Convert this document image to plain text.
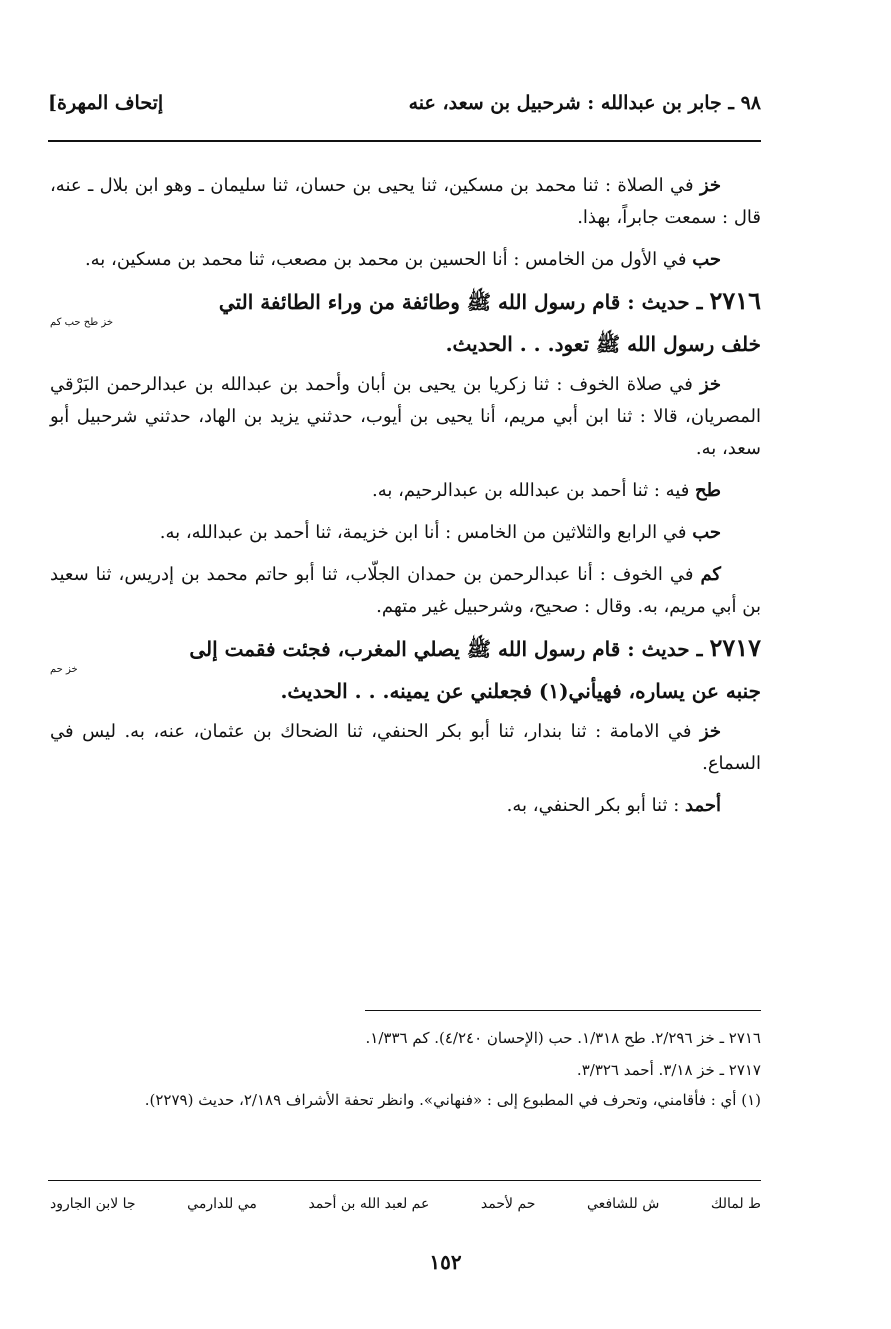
[إتحاف المهرة	٩٨ ـ جابر بن عبدالله : شرحبيل بن سعد، عنه

خز في الصلاة : ثنا محمد بن مسكين، ثنا يحيى بن حسان، ثنا سليمان ـ وهو ابن بلال ـ عنه، قال : سمعت جابراً، بهذا.

حب في الأول من الخامس : أنا الحسين بن محمد بن مصعب، ثنا محمد بن مسكين، به.

٢٧١٦ ـ حديث : قام رسول الله ﷺ وطائفة من وراء الطائفة التي
خز طح حب كم
خلف رسول الله ﷺ تعود. . . الحديث.

خز في صلاة الخوف : ثنا زكريا بن يحيى بن أبان وأحمد بن عبدالله بن عبدالرحمن البَرْقي المصريان، قالا : ثنا ابن أبي مريم، أنا يحيى بن أيوب، حدثني يزيد بن الهاد، حدثني شرحبيل أبو سعد، به.

طح فيه : ثنا أحمد بن عبدالله بن عبدالرحيم، به.

حب في الرابع والثلاثين من الخامس : أنا ابن خزيمة، ثنا أحمد بن عبدالله، به.

كم في الخوف : أنا عبدالرحمن بن حمدان الجلّاب، ثنا أبو حاتم محمد بن إدريس، ثنا سعيد بن أبي مريم، به. وقال : صحيح، وشرحبيل غير متهم.

٢٧١٧ ـ حديث : قام رسول الله ﷺ يصلي المغرب، فجئت فقمت إلى
خز حم
جنبه عن يساره، فهيأني(١) فجعلني عن يمينه. . . الحديث.

خز في الامامة : ثنا بندار، ثنا أبو بكر الحنفي، ثنا الضحاك بن عثمان، عنه، به. ليس في السماع.

أحمد : ثنا أبو بكر الحنفي، به.

٢٧١٦ ـ خز ٢/٢٩٦. طح ١/٣١٨. حب (الإحسان ٤/٢٤٠). كم ١/٣٣٦.

٢٧١٧ ـ خز ٣/١٨. أحمد ٣/٣٢٦.

(١) أي : فأقامني، وتحرف في المطبوع إلى : «فنهاني». وانظر تحفة الأشراف ٢/١٨٩، حديث (٢٢٧٩).

ط لمالك
ش للشافعي
حم لأحمد
عم لعبد الله بن أحمد
مي للدارمي
جا لابن الجارود
١٥٢
